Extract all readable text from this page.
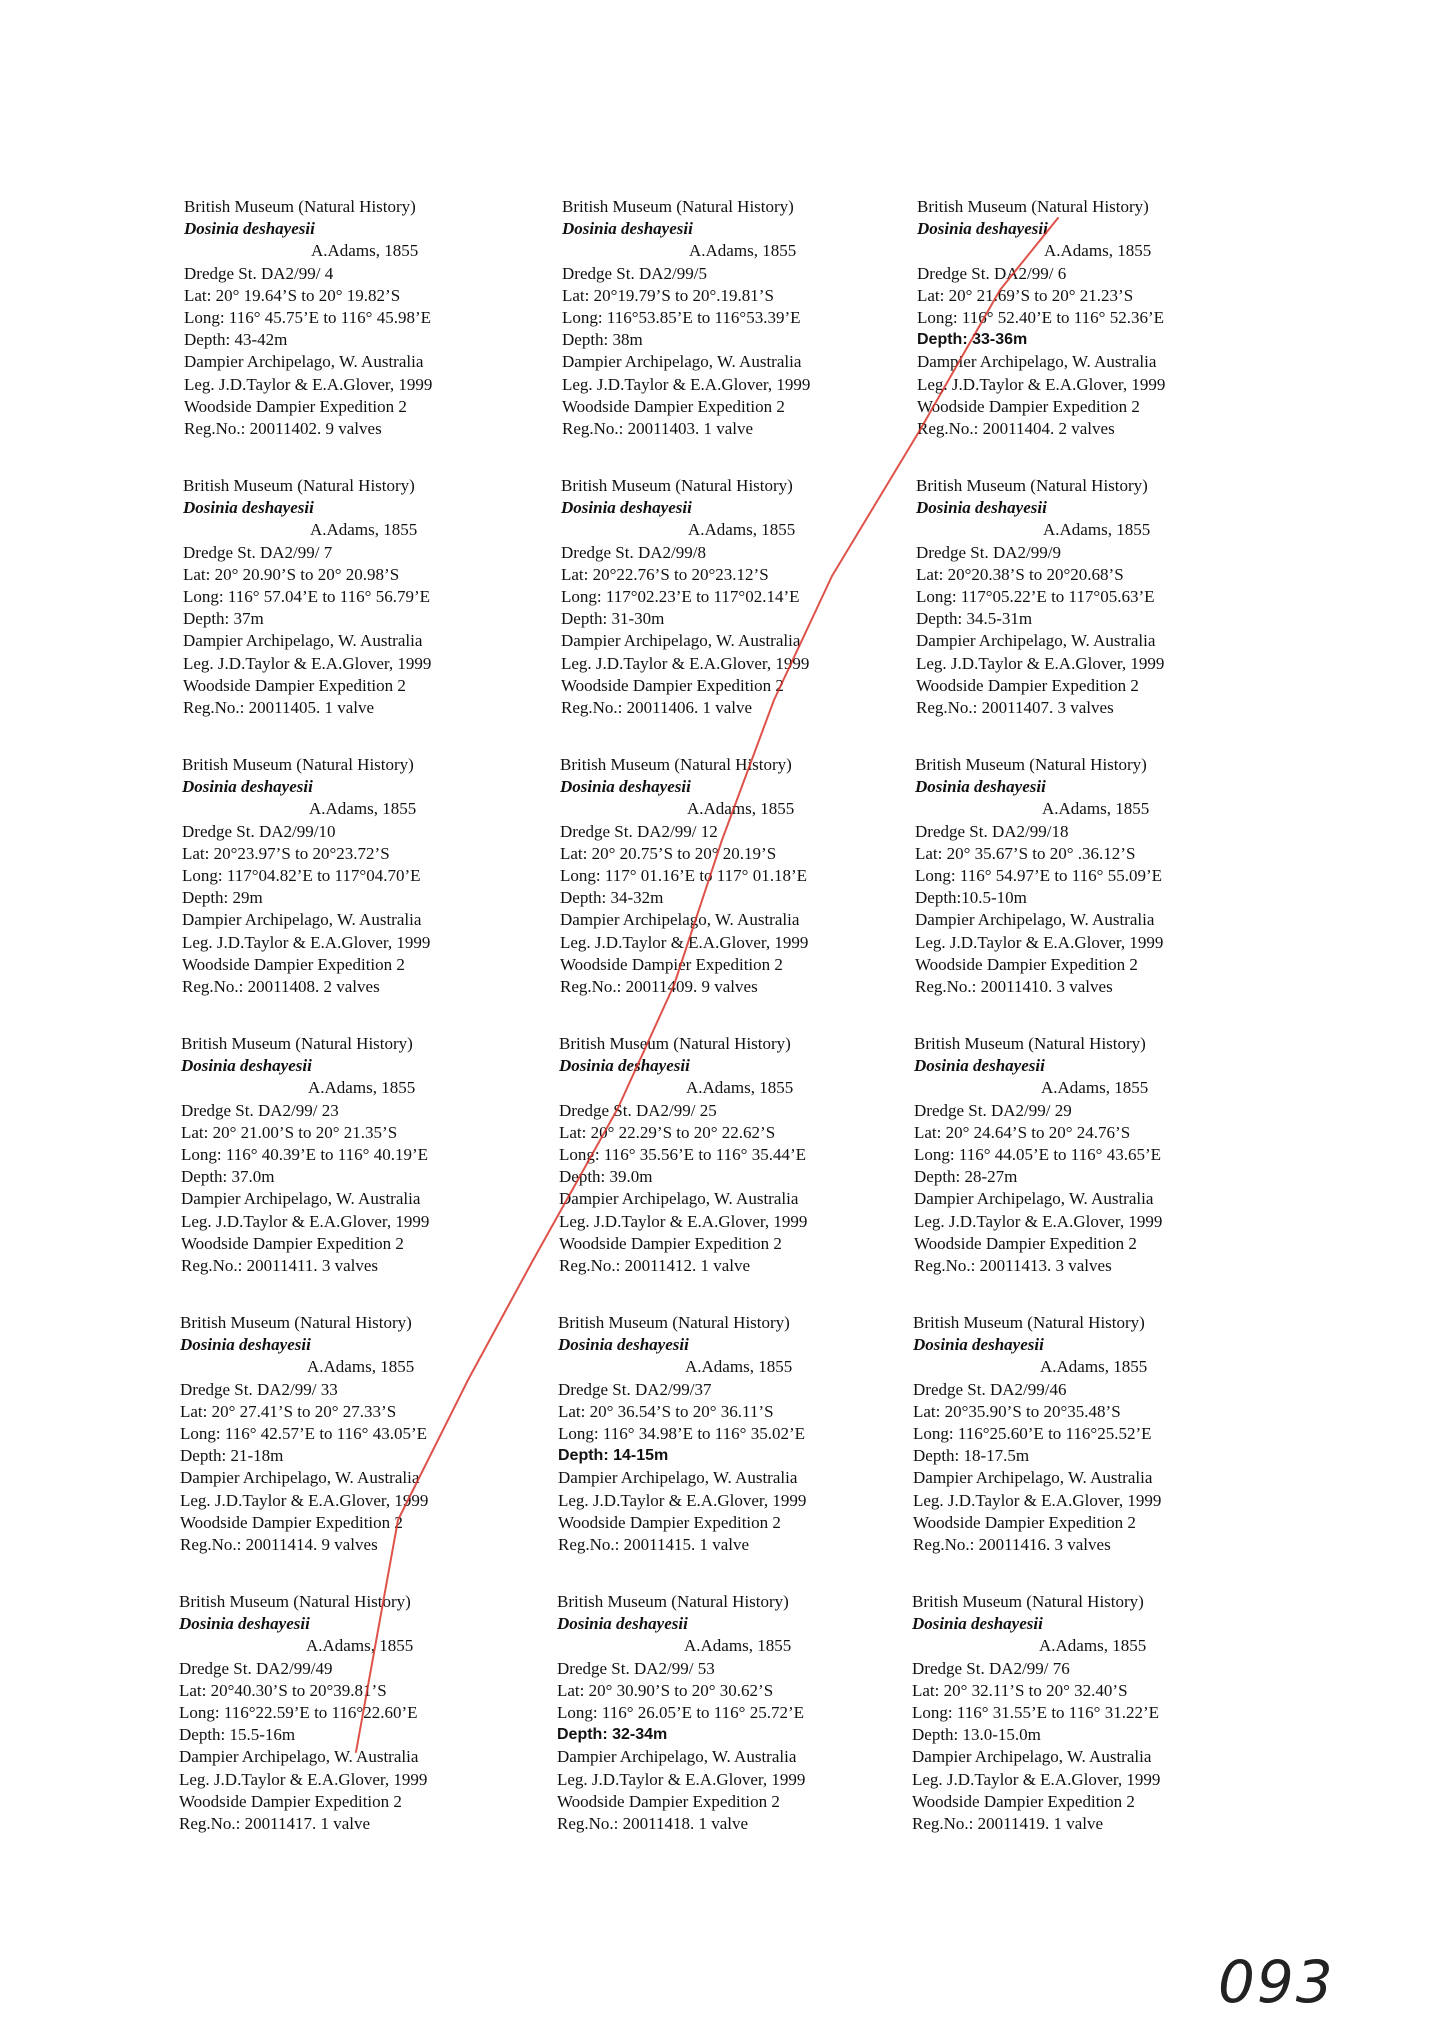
British Museum (Natural History)
Dosinia deshayesii
A.Adams, 1855
Dredge St. DA2/99/ 4
Lat: 20° 19.64’S to 20° 19.82’S
Long: 116° 45.75’E to 116° 45.98’E
Depth: 43-42m
Dampier Archipelago, W. Australia
Leg. J.D.Taylor & E.A.Glover, 1999
Woodside Dampier Expedition 2
Reg.No.: 20011402. 9 valves
British Museum (Natural History)
Dosinia deshayesii
A.Adams, 1855
Dredge St. DA2/99/ 7
Lat: 20° 20.90’S to 20° 20.98’S
Long: 116° 57.04’E to 116° 56.79’E
Depth: 37m
Dampier Archipelago, W. Australia
Leg. J.D.Taylor & E.A.Glover, 1999
Woodside Dampier Expedition 2
Reg.No.: 20011405. 1 valve
British Museum (Natural History)
Dosinia deshayesii
A.Adams, 1855
Dredge St. DA2/99/10
Lat: 20°23.97’S to 20°23.72’S
Long: 117°04.82’E to 117°04.70’E
Depth: 29m
Dampier Archipelago, W. Australia
Leg. J.D.Taylor & E.A.Glover, 1999
Woodside Dampier Expedition 2
Reg.No.: 20011408. 2 valves
British Museum (Natural History)
Dosinia deshayesii
A.Adams, 1855
Dredge St. DA2/99/ 23
Lat: 20° 21.00’S to 20° 21.35’S
Long: 116° 40.39’E to 116° 40.19’E
Depth: 37.0m
Dampier Archipelago, W. Australia
Leg. J.D.Taylor & E.A.Glover, 1999
Woodside Dampier Expedition 2
Reg.No.: 20011411. 3 valves
British Museum (Natural History)
Dosinia deshayesii
A.Adams, 1855
Dredge St. DA2/99/ 33
Lat: 20° 27.41’S to 20° 27.33’S
Long: 116° 42.57’E to 116° 43.05’E
Depth: 21-18m
Dampier Archipelago, W. Australia
Leg. J.D.Taylor & E.A.Glover, 1999
Woodside Dampier Expedition 2
Reg.No.: 20011414. 9 valves
British Museum (Natural History)
Dosinia deshayesii
A.Adams, 1855
Dredge St. DA2/99/49
Lat: 20°40.30’S to 20°39.81’S
Long: 116°22.59’E to 116°22.60’E
Depth: 15.5-16m
Dampier Archipelago, W. Australia
Leg. J.D.Taylor & E.A.Glover, 1999
Woodside Dampier Expedition 2
Reg.No.: 20011417. 1 valve
British Museum (Natural History)
Dosinia deshayesii
A.Adams, 1855
Dredge St. DA2/99/5
Lat: 20°19.79’S to 20°.19.81’S
Long: 116°53.85’E to 116°53.39’E
Depth: 38m
Dampier Archipelago, W. Australia
Leg. J.D.Taylor & E.A.Glover, 1999
Woodside Dampier Expedition 2
Reg.No.: 20011403. 1 valve
British Museum (Natural History)
Dosinia deshayesii
A.Adams, 1855
Dredge St. DA2/99/8
Lat: 20°22.76’S to 20°23.12’S
Long: 117°02.23’E to 117°02.14’E
Depth: 31-30m
Dampier Archipelago, W. Australia
Leg. J.D.Taylor & E.A.Glover, 1999
Woodside Dampier Expedition 2
Reg.No.: 20011406. 1 valve
British Museum (Natural History)
Dosinia deshayesii
A.Adams, 1855
Dredge St. DA2/99/ 12
Lat: 20° 20.75’S to 20° 20.19’S
Long: 117° 01.16’E to 117° 01.18’E
Depth: 34-32m
Dampier Archipelago, W. Australia
Leg. J.D.Taylor & E.A.Glover, 1999
Woodside Dampier Expedition 2
Reg.No.: 20011409. 9 valves
British Museum (Natural History)
Dosinia deshayesii
A.Adams, 1855
Dredge St. DA2/99/ 25
Lat: 20° 22.29’S to 20° 22.62’S
Long: 116° 35.56’E to 116° 35.44’E
Depth: 39.0m
Dampier Archipelago, W. Australia
Leg. J.D.Taylor & E.A.Glover, 1999
Woodside Dampier Expedition 2
Reg.No.: 20011412. 1 valve
British Museum (Natural History)
Dosinia deshayesii
A.Adams, 1855
Dredge St. DA2/99/37
Lat: 20° 36.54’S to 20° 36.11’S
Long: 116° 34.98’E to 116° 35.02’E
Depth: 14-15m
Dampier Archipelago, W. Australia
Leg. J.D.Taylor & E.A.Glover, 1999
Woodside Dampier Expedition 2
Reg.No.: 20011415. 1 valve
British Museum (Natural History)
Dosinia deshayesii
A.Adams, 1855
Dredge St. DA2/99/ 53
Lat: 20° 30.90’S to 20° 30.62’S
Long: 116° 26.05’E to 116° 25.72’E
Depth: 32-34m
Dampier Archipelago, W. Australia
Leg. J.D.Taylor & E.A.Glover, 1999
Woodside Dampier Expedition 2
Reg.No.: 20011418. 1 valve
British Museum (Natural History)
Dosinia deshayesii
A.Adams, 1855
Dredge St. DA2/99/ 6
Lat: 20° 21.69’S to 20° 21.23’S
Long: 116° 52.40’E to 116° 52.36’E
Depth: 33-36m
Dampier Archipelago, W. Australia
Leg. J.D.Taylor & E.A.Glover, 1999
Woodside Dampier Expedition 2
Reg.No.: 20011404. 2 valves
British Museum (Natural History)
Dosinia deshayesii
A.Adams, 1855
Dredge St. DA2/99/9
Lat: 20°20.38’S to 20°20.68’S
Long: 117°05.22’E to 117°05.63’E
Depth: 34.5-31m
Dampier Archipelago, W. Australia
Leg. J.D.Taylor & E.A.Glover, 1999
Woodside Dampier Expedition 2
Reg.No.: 20011407. 3 valves
British Museum (Natural History)
Dosinia deshayesii
A.Adams, 1855
Dredge St. DA2/99/18
Lat: 20° 35.67’S to 20° .36.12’S
Long: 116° 54.97’E to 116° 55.09’E
Depth:10.5-10m
Dampier Archipelago, W. Australia
Leg. J.D.Taylor & E.A.Glover, 1999
Woodside Dampier Expedition 2
Reg.No.: 20011410. 3 valves
British Museum (Natural History)
Dosinia deshayesii
A.Adams, 1855
Dredge St. DA2/99/ 29
Lat: 20° 24.64’S to 20° 24.76’S
Long: 116° 44.05’E to 116° 43.65’E
Depth: 28-27m
Dampier Archipelago, W. Australia
Leg. J.D.Taylor & E.A.Glover, 1999
Woodside Dampier Expedition 2
Reg.No.: 20011413. 3 valves
British Museum (Natural History)
Dosinia deshayesii
A.Adams, 1855
Dredge St. DA2/99/46
Lat: 20°35.90’S to 20°35.48’S
Long: 116°25.60’E to 116°25.52’E
Depth: 18-17.5m
Dampier Archipelago, W. Australia
Leg. J.D.Taylor & E.A.Glover, 1999
Woodside Dampier Expedition 2
Reg.No.: 20011416. 3 valves
British Museum (Natural History)
Dosinia deshayesii
A.Adams, 1855
Dredge St. DA2/99/ 76
Lat: 20° 32.11’S to 20° 32.40’S
Long: 116° 31.55’E to 116° 31.22’E
Depth: 13.0-15.0m
Dampier Archipelago, W. Australia
Leg. J.D.Taylor & E.A.Glover, 1999
Woodside Dampier Expedition 2
Reg.No.: 20011419. 1 valve
093
